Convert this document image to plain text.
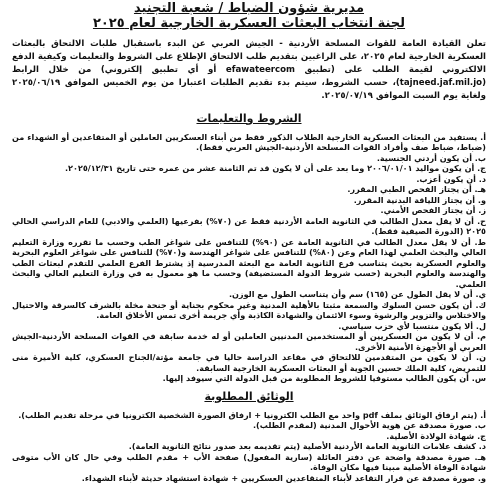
مديرية شؤون الضباط / شعبة التجنيد
لجنة انتخاب البعثات العسكرية الخارجية لعام ٢٠٢٥

تعلن القيادة العامة للقوات المسلحة الأردنية - الجيش العربي عن البدء باستقبال طلبات الالتحاق بالبعثات العسكرية الخارجية لعام ٢٠٢٥، على الراغبين بتقديم طلب الالتحاق الإطلاع على الشروط والتعليمات وكيفية الدفع الالكتروني لقيمة الطلب على (تطبيق efawateercom أو أي تطبيق إلكتروني) من خلال الرابط (tajneed.jaf.mil.jo)، حسب الشروط، سيتم بدء تقديم الطلبات اعتبارا من يوم الخميس الموافق ٢٠٢٥/٠٦/١٩ ولغاية يوم السبت الموافق ٢٠٢٥/٠٧/١٩.

الشروط والتعليمات
أ. يستفيد من البعثات العسكرية الخارجية الطلاب الذكور فقط من أبناء العسكريين العاملين أو المتقاعدين أو الشهداء من (ضباط، ضباط صف وأفراد القوات المسلحة الأردنية-الجيش العربي فقط).
ب. أن يكون أردني الجنسية.
ج. أن يكون مواليد ٢٠٠٦/٠١/٠١ وما بعد على أن لا يكون قد تم الثامنة عشر من عمره حتى تاريخ ٢٠٢٥/١٢/٣١.
د. أن يكون أعزب.
هـ. أن يجتاز الفحص الطبي المقرر.
و. أن يجتاز اللياقة البدنية المقرر.
ز. أن يجتاز الفحص الأمني.
ح. أن لا يقل معدل الطالب في الثانوية العامة الأردنية فقط عن (٧٠%) بفرعيها (العلمي والادبي) للعام الدراسي الحالي ٢٠٢٥ (الدورة الصيفية فقط).
ط. أن لا يقل معدل الطالب في الثانوية العامة عن (٩٠%) للتنافس على شواغر الطب وحسب ما تقرره وزارة التعليم العالي والبحث العلمي لهذا العام وعن (٨٠%) للتنافس على شواغر الهندسة و(٧٠%) للتنافس على شواغر العلوم البحرية والعلوم العسكرية بحيث يتناسب فرع الثانوية العامة مع البعثة المدرسية إذ يشترط الفرع العلمي للتقدم لبعثات الطب والهندسة والعلوم البحرية (حسب شروط الدولة المستضيفة) وحسب ما هو معمول به في وزارة التعليم العالي والبحث العلمي.
ي. أن لا يقل الطول عن (١٦٥) سم وأن يتناسب الطول مع الوزن.
ك. أن يكون حسن السلوك والسمعة مثبتا بالأهلية المدنية وغير محكوم بجناية أو جنحة مخلة بالشرف كالسرقة والاحتيال والاختلاس والتزوير والرشوة وسوء الائتمان والشهادة الكاذبة وأي جريمة أخرى تمس الأخلاق العامة.
ل. ألا يكون منتسبا لأي حزب سياسي.
م. أن لا يكون من العسكريين أو المستخدمين المدنيين العاملين أو له خدمة سابقة في القوات المسلحة الأردنية-الجيش العربي أو الأجهزة الأمنية الأخرى.
ن. أن لا يكون من المتقدمين للالتحاق في مقاعد الدراسة حاليا في جامعة مؤتة/الجناح العسكري، كلية الأميرة منى للتمريض، كلية الملك حسين الجوية أو البعثات العسكرية الخارجية السابقة.
س. أن يكون الطالب مستوفيا للشروط المطلوبة من قبل الدولة التي سيوفد إليها.
الوثائق المطلوبة
أ. (يتم ارفاق الوثائق بملف pdf واحد مع الطلب الكترونيا + ارفاق الصورة الشخصية الكترونيا في مرحلة تقديم الطلب).
ب. صورة مصدقة عن هوية الأحوال المدنية (لمقدم الطلب).
ج. شهادة الولادة الأصلية.
د. كشف علامات الثانوية العامة الأردنية الأصلية (يتم تقديمه بعد صدور نتائج الثانوية العامة).
هـ. صورة مصدقة واضحة عن دفتر العائلة (سارية المفعول) صفحة الأب + مقدم الطلب وفي حال كان الأب متوفى شهادة الوفاة الأصلية مبينا فيها مكان الوفاة.
و. صورة مصدقة عن قرار التقاعد لأبناء المتقاعدين العسكريين + شهادة استشهاد حديثة لأبناء الشهداء.
